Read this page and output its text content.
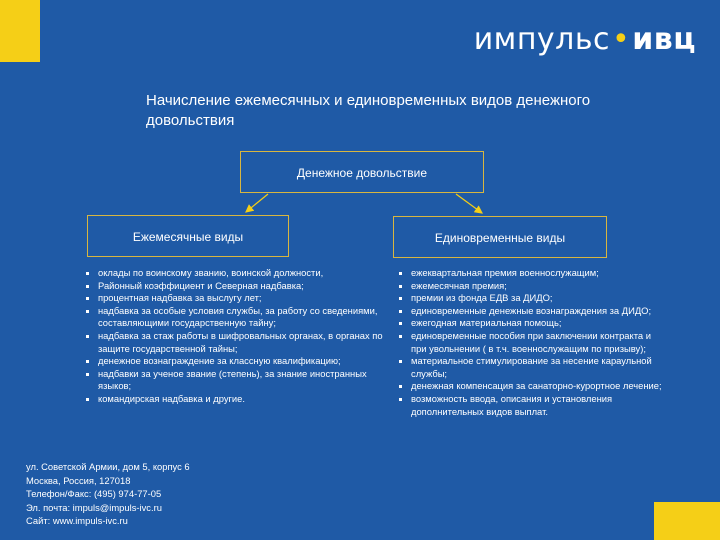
импульс•ивц
Начисление ежемесячных и единовременных видов денежного довольствия
Денежное довольствие
Ежемесячные виды	Единовременные виды
оклады по воинскому званию, воинской должности,
Районный коэффициент и Северная надбавка;
процентная надбавка за выслугу лет;
надбавка за особые условия службы, за работу со сведениями, составляющими государственную тайну;
надбавка за стаж работы в шифровальных органах, в органах по защите государственной тайны;
денежное вознаграждение за классную квалификацию;
надбавки за ученое звание (степень), за знание иностранных языков;
командирская надбавка и другие.
ежеквартальная премия военнослужащим;
ежемесячная премия;
премии из фонда ЕДВ за ДИДО;
единовременные денежные вознаграждения за ДИДО;
ежегодная материальная помощь;
единовременные пособия при заключении контракта и при увольнении ( в т.ч. военнослужащим по призыву);
материальное стимулирование за несение караульной службы;
денежная компенсация за санаторно-курортное лечение;
возможность ввода, описания и установления дополнительных видов выплат.
ул. Советской Армии, дом 5, корпус 6
Москва, Россия, 127018
Телефон/Факс: (495) 974-77-05
Эл. почта: impuls@impuls-ivc.ru
Сайт: www.impuls-ivc.ru
